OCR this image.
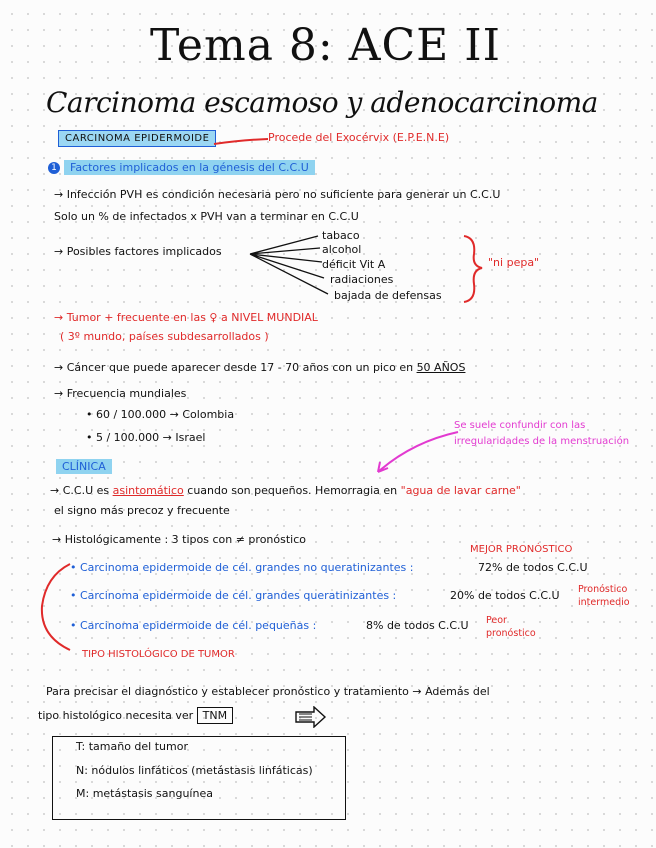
Tema 8: ACE II
Carcinoma escamoso y adenocarcinoma
CARCINOMA EPIDERMOIDE	Procede del Exocérvix (E.P.E.N.E)
1 Factores implicados en la génesis del C.C.U
→ Infección PVH es condición necesaria pero no suficiente para generar un C.C.U
Solo un % de infectados x PVH van a terminar en C.C.U
→ Posibles factores implicados
tabaco
alcohol
déficit Vit A
radiaciones
bajada de defensas
"ni pepa"
→ Tumor + frecuente en las ♀ a NIVEL MUNDIAL
( 3º mundo, países subdesarrollados )
→ Cáncer que puede aparecer desde 17 - 70 años con un pico en 50 AÑOS
→ Frecuencia mundiales
• 60 / 100.000 → Colombia
• 5 / 100.000 → Israel
CLÍNICA
Se suele confundir con las irregularidades de la menstruación
→ C.C.U es asintomático cuando son pequeños. Hemorragia en "agua de lavar carne"
el signo más precoz y frecuente
→ Histológicamente : 3 tipos con ≠ pronóstico
MEJOR PRONÓSTICO
• Carcinoma epidermoide de cél. grandes no queratinizantes :	72% de todos C.C.U
• Carcinoma epidermoide de cél. grandes queratinizantes :	20% de todos C.C.U Pronóstico intermedio
• Carcinoma epidermoide de cél. pequeñas :	8% de todos C.C.U Peor pronóstico
TIPO HISTOLÓGICO DE TUMOR
Para precisar el diagnóstico y establecer pronóstico y tratamiento → Además del
tipo histológico necesita ver TNM
T: tamaño del tumor
N: nódulos linfáticos (metástasis linfáticas)
M: metástasis sanguínea
